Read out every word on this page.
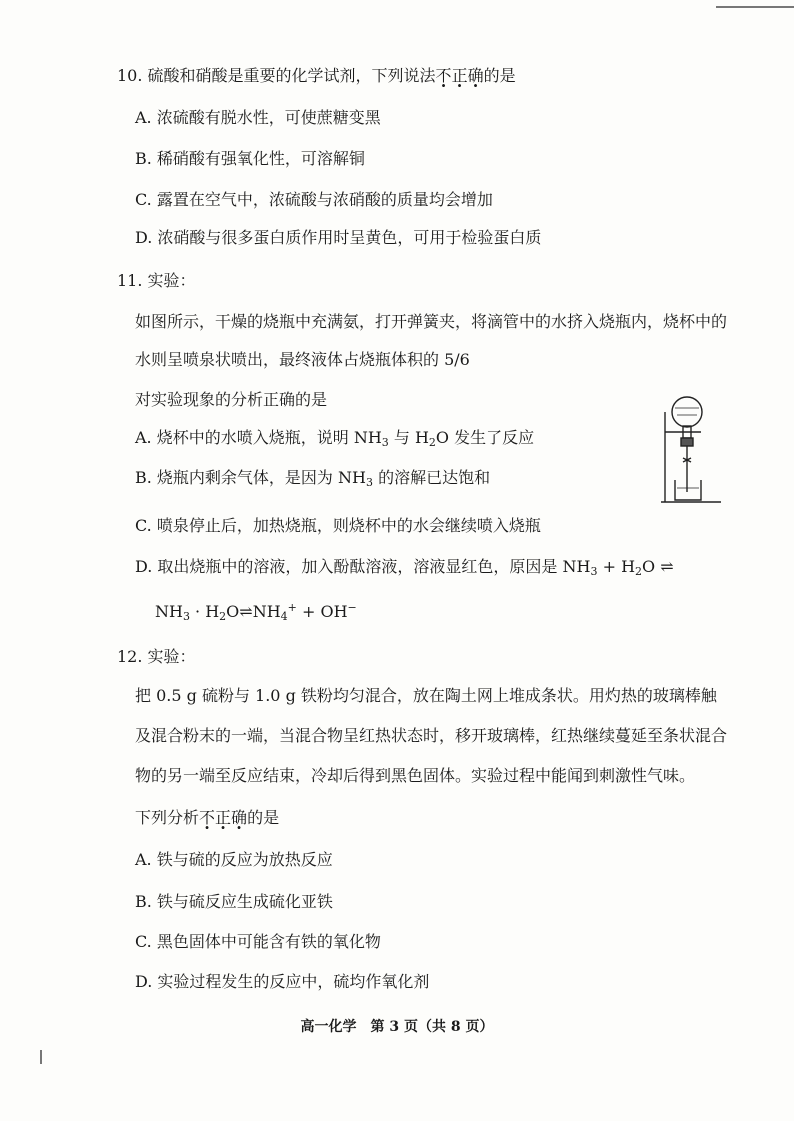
10. 硫酸和硝酸是重要的化学试剂，下列说法不正确的是
A. 浓硫酸有脱水性，可使蔗糖变黑
B. 稀硝酸有强氧化性，可溶解铜
C. 露置在空气中，浓硫酸与浓硝酸的质量均会增加
D. 浓硝酸与很多蛋白质作用时呈黄色，可用于检验蛋白质
11. 实验：
如图所示，干燥的烧瓶中充满氨，打开弹簧夹，将滴管中的水挤入烧瓶内，烧杯中的
水则呈喷泉状喷出，最终液体占烧瓶体积的 5/6
对实验现象的分析正确的是
A. 烧杯中的水喷入烧瓶，说明 $NH_3$ 与 $H_2O$ 发生了反应
B. 烧瓶内剩余气体，是因为 $NH_3$ 的溶解已达饱和
C. 喷泉停止后，加热烧瓶，则烧杯中的水会继续喷入烧瓶
D. 取出烧瓶中的溶液，加入酚酞溶液，溶液显红色，原因是 $NH_3 + H_2O$ ⇌
$NH_3$ · $H_2O\rightleftharpoons NH_4^+ + OH^-$
12. 实验：
把 0.5 g 硫粉与 1.0 g 铁粉均匀混合，放在陶土网上堆成条状。用灼热的玻璃棒触
及混合粉末的一端，当混合物呈红热状态时，移开玻璃棒，红热继续蔓延至条状混合
物的另一端至反应结束，冷却后得到黑色固体。实验过程中能闻到刺激性气味。
下列分析不正确的是
A. 铁与硫的反应为放热反应
B. 铁与硫反应生成硫化亚铁
C. 黑色固体中可能含有铁的氧化物
D. 实验过程发生的反应中，硫均作氧化剂
高一化学　第 3 页（共 8 页）
